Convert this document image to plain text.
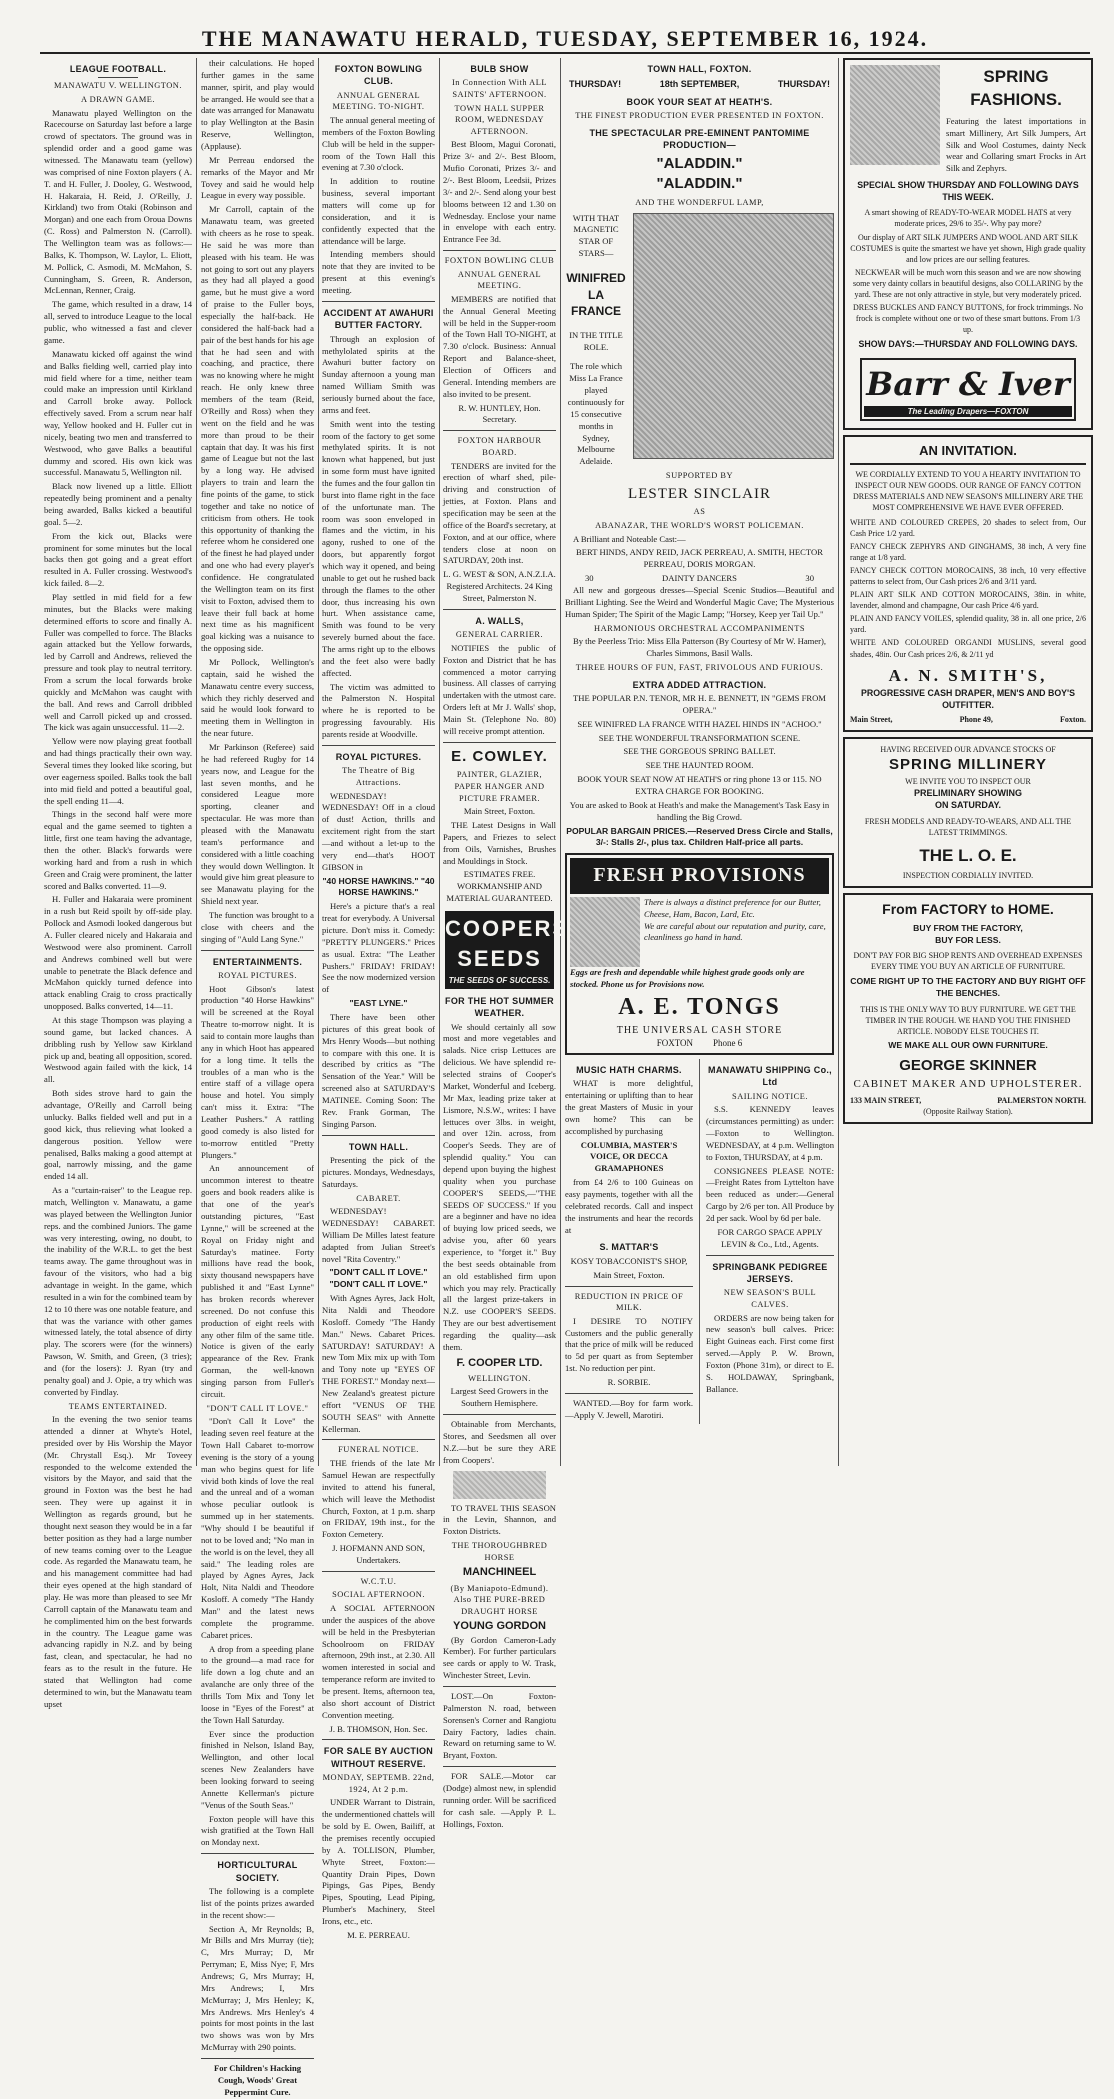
THE MANAWATU HERALD, TUESDAY, SEPTEMBER 16, 1924.
LEAGUE FOOTBALL.
MANAWATU V. WELLINGTON.
A DRAWN GAME.

Manawatu played Wellington on the Racecourse on Saturday last before a large crowd of spectators. The ground was in splendid order and a good game was witnessed. The Manawatu team (yellow) was comprised of nine Foxton players ( A. T. and H. Fuller, J. Dooley, G. Westwood, H. Hakaraia, H. Reid, J. O'Reilly, J. Kirkland) two from Otaki (Robinson and Morgan) and one each from Oroua Downs (C. Ross) and Palmerston N. (Carroll). The Wellington team was as follows:—Balks, K. Thompson, W. Laylor, L. Eliott, M. Pollick, C. Asmodi, M. McMahon, S. Cunningham, S. Green, R. Anderson, McLennan, Renner, Craig.

The game, which resulted in a draw, 14 all, served to introduce League to the local public, who witnessed a fast and clever game.

Manawatu kicked off against the wind and Balks fielding well, carried play into mid field where for a time, neither team could make an impression until Kirkland and Carroll broke away. Pollock effectively saved. From a scrum near half way, Yellow hooked and H. Fuller cut in nicely, beating two men and transferred to Westwood, who gave Balks a beautiful dummy and scored. His own kick was successful. Manawatu 5, Wellington nil.

Black now livened up a little. Elliott repeatedly being prominent and a penalty being awarded, Balks kicked a beautiful goal. 5—2.

From the kick out, Blacks were prominent for some minutes but the local backs then got going and a great effort resulted in A. Fuller crossing. Westwood's kick failed. 8—2.

Play settled in mid field for a few minutes, but the Blacks were making determined efforts to score and finally A. Fuller was compelled to force. The Blacks again attacked but the Yellow forwards, led by Carroll and Andrews, relieved the pressure and took play to neutral territory. From a scrum the local forwards broke quickly and McMahon was caught with the ball. And rews and Carroll dribbled well and Carroll picked up and crossed. The kick was again unsuccessful. 11—2.

Yellow were now playing great football and had things practically their own way. Several times they looked like scoring, but over eagerness spoiled. Balks took the ball into mid field and potted a beautiful goal, the spell ending 11—4.

Things in the second half were more equal and the game seemed to tighten a little, first one team having the advantage, then the other. Black's forwards were working hard and from a rush in which Green and Craig were prominent, the latter scored and Balks converted. 11—9.

H. Fuller and Hakaraia were prominent in a rush but Reid spoilt by off-side play. Pollock and Asmodi looked dangerous but A. Fuller cleared nicely and Hakaraia and Westwood were also prominent. Carroll and Andrews combined well but were unable to penetrate the Black defence and McMahon quickly turned defence into attack enabling Craig to cross practically unopposed. Balks converted, 14—11.

At this stage Thompson was playing a sound game, but lacked chances. A dribbling rush by Yellow saw Kirkland pick up and, beating all opposition, scored. Westwood again failed with the kick, 14 all.

Both sides strove hard to gain the advantage, O'Reilly and Carroll being unlucky. Balks fielded well and put in a good kick, thus relieving what looked a dangerous position. Yellow were penalised, Balks making a good attempt at goal, narrowly missing, and the game ended 14 all.

As a "curtain-raiser" to the League rep. match, Wellington v. Manawatu, a game was played between the Wellington Junior reps. and the combined Juniors. The game was very interesting, owing, no doubt, to the inability of the W.R.L. to get the best teams away. The game throughout was in favour of the visitors, who had a big advantage in weight. In the game, which resulted in a win for the combined team by 12 to 10 there was one notable feature, and that was the variance with other games witnessed lately, the total absence of dirty play. The scorers were (for the winners) Pawson, W. Smith, and Green, (3 tries); and (for the losers): J. Ryan (try and penalty goal) and J. Opie, a try which was converted by Findlay.

TEAMS ENTERTAINED.

In the evening the two senior teams attended a dinner at Whyte's Hotel, presided over by His Worship the Mayor (Mr. Chrystall Esq.). Mr Toveey responded to the welcome extended the visitors by the Mayor, and said that the ground in Foxton was the best he had seen. They were up against it in Wellington as regards ground, but he thought next season they would be in a far better position as they had a large number of new teams coming over to the League code. As regarded the Manawatu team, he and his management committee had had their eyes opened at the high standard of play. He was more than pleased to see Mr Carroll captain of the Manawatu team and he complimented him on the best forwards in the country. The League game was advancing rapidly in N.Z. and by being fast, clean, and spectacular, he had no fears as to the result in the future. He stated that Wellington had come determined to win, but the Manawatu team upset

their calculations. He hoped further games in the same manner, spirit, and play would be arranged. He would see that a date was arranged for Manawatu to play Wellington at the Basin Reserve, Wellington, (Applause).

Mr Perreau endorsed the remarks of the Mayor and Mr Tovey and said he would help League in every way possible.

Mr Carroll, captain of the Manawatu team, was greeted with cheers as he rose to speak. He said he was more than pleased with his team. He was not going to sort out any players as they had all played a good game, but he must give a word of praise to the Fuller boys, especially the half-back. He considered the half-back had a pair of the best hands for his age that he had seen and with coaching, and practice, there was no knowing where he might reach. He only knew three members of the team (Reid, O'Reilly and Ross) when they went on the field and he was more than proud to be their captain that day. It was his first game of League but not the last by a long way. He advised players to train and learn the fine points of the game, to stick together and take no notice of criticism from others. He took this opportunity of thanking the referee whom he considered one of the finest he had played under and one who had every player's confidence. He congratulated the Wellington team on its first visit to Foxton, advised them to leave their full back at home next time as his magnificent goal kicking was a nuisance to the opposing side.

Mr Pollock, Wellington's captain, said he wished the Manawatu centre every success, which they richly deserved and said he would look forward to meeting them in Wellington in the near future.

Mr Parkinson (Referee) said he had refereed Rugby for 14 years now, and League for the last seven months, and he considered League more sporting, cleaner and spectacular. He was more than pleased with the Manawatu team's performance and considered with a little coaching they would down Wellington. It would give him great pleasure to see Manawatu playing for the Shield next year.

The function was brought to a close with cheers and the singing of "Auld Lang Syne."

ENTERTAINMENTS.
ROYAL PICTURES.

Hoot Gibson's latest production "40 Horse Hawkins" will be screened at the Royal Theatre to-morrow night. It is said to contain more laughs than any in which Hoot has appeared for a long time. It tells the troubles of a man who is the entire staff of a village opera house and hotel. You simply can't miss it. Extra: "The Leather Pushers." A rattling good comedy is also listed for to-morrow entitled "Pretty Plungers."

An announcement of uncommon interest to theatre goers and book readers alike is that one of the year's outstanding pictures, "East Lynne," will be screened at the Royal on Friday night and Saturday's matinee. Forty millions have read the book, sixty thousand newspapers have published it and "East Lynne" has broken records wherever screened. Do not confuse this production of eight reels with any other film of the same title. Notice is given of the early appearance of the Rev. Frank Gorman, the well-known singing parson from Fuller's circuit.

"DON'T CALL IT LOVE."

"Don't Call It Love" the leading seven reel feature at the Town Hall Cabaret to-morrow evening is the story of a young man who begins quest for life vivid both kinds of love the real and the unreal and of a woman whose peculiar outlook is summed up in her statements. "Why should I be beautiful if not to be loved and; "No man in the world is on the level, they all said." The leading roles are played by Agnes Ayres, Jack Holt, Nita Naldi and Theodore Kosloff. A comedy "The Handy Man" and the latest news complete the programme. Cabaret prices.

A drop from a speeding plane to the ground—a mad race for life down a log chute and an avalanche are only three of the thrills Tom Mix and Tony let loose in "Eyes of the Forest" at the Town Hall Saturday.

Ever since the production finished in Nelson, Island Bay, Wellington, and other local scenes New Zealanders have been looking forward to seeing Annette Kellerman's picture "Venus of the South Seas."

Foxton people will have this wish gratified at the Town Hall on Monday next.

HORTICULTURAL SOCIETY.

The following is a complete list of the points prizes awarded in the recent show:—

Section A, Mr Reynolds; B, Mr Bills and Mrs Murray (tie); C, Mrs Murray; D, Mr Perryman; E, Miss Nye; F, Mrs Andrews; G, Mrs Murray; H, Mrs Andrews; I, Mrs McMurray; J, Mrs Henley; K, Mrs Andrews. Mrs Henley's 4 points for most points in the last two shows was won by Mrs McMurray with 290 points.

For Children's Hacking Cough, Woods' Great Peppermint Cure.

FOXTON BOWLING CLUB.
ANNUAL GENERAL MEETING. TO-NIGHT.

The annual general meeting of members of the Foxton Bowling Club will be held in the supper-room of the Town Hall this evening at 7.30 o'clock.

In addition to routine business, several important matters will come up for consideration, and it is confidently expected that the attendance will be large.

Intending members should note that they are invited to be present at this evening's meeting.

ACCIDENT AT AWAHURI BUTTER FACTORY.

Through an explosion of methylolated spirits at the Awahuri butter factory on Sunday afternoon a young man named William Smith was seriously burned about the face, arms and feet.

Smith went into the testing room of the factory to get some methylated spirits. It is not known what happened, but just in some form must have ignited the fumes and the four gallon tin burst into flame right in the face of the unfortunate man. The room was soon enveloped in flames and the victim, in his agony, rushed to one of the doors, but apparently forgot which way it opened, and being unable to get out he rushed back through the flames to the other door, thus increasing his own hurt. When assistance came, Smith was found to be very severely burned about the face. The arms right up to the elbows and the feet also were badly affected.

The victim was admitted to the Palmerston N. Hospital where he is reported to be progressing favourably. His parents reside at Woodville.

ROYAL PICTURES.
The Theatre of Big Attractions.

WEDNESDAY! WEDNESDAY! Off in a cloud of dust! Action, thrills and excitement right from the start—and without a let-up to the very end—that's HOOT GIBSON in

"40 HORSE HAWKINS." "40 HORSE HAWKINS."

Here's a picture that's a real treat for everybody. A Universal picture. Don't miss it. Comedy: "PRETTY PLUNGERS." Prices as usual. Extra: "The Leather Pushers." FRIDAY! FRIDAY! See the now modernized version of

"EAST LYNE."

There have been other pictures of this great book of Mrs Henry Woods—but nothing to compare with this one. It is described by critics as "The Sensation of the Year." Will be screened also at SATURDAY'S MATINEE. Coming Soon: The Rev. Frank Gorman, The Singing Parson.

TOWN HALL.

Presenting the pick of the pictures. Mondays, Wednesdays, Saturdays.

CABARET.

WEDNESDAY! WEDNESDAY! CABARET. William De Milles latest feature adapted from Julian Street's novel "Rita Coventry."

"DON'T CALL IT LOVE." "DON'T CALL IT LOVE."

With Agnes Ayres, Jack Holt, Nita Naldi and Theodore Kosloff. Comedy "The Handy Man." News. Cabaret Prices. SATURDAY! SATURDAY! A new Tom Mix mix up with Tom and Tony note up "EYES OF THE FOREST." Monday next—New Zealand's greatest picture effort "VENUS OF THE SOUTH SEAS" with Annette Kellerman.

FUNERAL NOTICE.

THE friends of the late Mr Samuel Hewan are respectfully invited to attend his funeral, which will leave the Methodist Church, Foxton, at 1 p.m. sharp on FRIDAY, 19th inst., for the Foxton Cemetery.

J. HOFMANN AND SON, Undertakers.

W.C.T.U.
SOCIAL AFTERNOON.

A SOCIAL AFTERNOON under the auspices of the above will be held in the Presbyterian Schoolroom on FRIDAY afternoon, 29th inst., at 2.30. All women interested in social and temperance reform are invited to be present. Items, afternoon tea, also short account of District Convention meeting.

J. B. THOMSON, Hon. Sec.

FOR SALE BY AUCTION WITHOUT RESERVE.
MONDAY, SEPTEMB. 22nd, 1924, At 2 p.m.

UNDER Warrant to Distrain, the undermentioned chattels will be sold by E. Owen, Bailiff, at the premises recently occupied by A. TOLLISON, Plumber, Whyte Street, Foxton:—Quantity Drain Pipes, Down Pipings, Gas Pipes, Bendy Pipes, Spouting, Lead Piping, Plumber's Machinery, Steel Irons, etc., etc.

M. E. PERREAU.

BULB SHOW
In Connection With ALL SAINTS' AFTERNOON.
TOWN HALL SUPPER ROOM, WEDNESDAY AFTERNOON.

Best Bloom, Magui Coronati, Prize 3/- and 2/-. Best Bloom, Mufio Coronati, Prizes 3/- and 2/-. Best Bloom, Leedsii, Prizes 3/- and 2/-. Send along your best blooms between 12 and 1.30 on Wednesday. Enclose your name in envelope with each entry. Entrance Fee 3d.

FOXTON BOWLING CLUB
ANNUAL GENERAL MEETING.

MEMBERS are notified that the Annual General Meeting will be held in the Supper-room of the Town Hall TO-NIGHT, at 7.30 o'clock. Business: Annual Report and Balance-sheet, Election of Officers and General. Intending members are also invited to be present.

R. W. HUNTLEY, Hon. Secretary.

FOXTON HARBOUR BOARD.

TENDERS are invited for the erection of wharf shed, pile-driving and construction of jetties, at Foxton. Plans and specification may be seen at the office of the Board's secretary, at Foxton, and at our office, where tenders close at noon on SATURDAY, 20th inst.

L. G. WEST & SON, A.N.Z.I.A. Registered Architects. 24 King Street, Palmerston N.

A. WALLS,
GENERAL CARRIER.

NOTIFIES the public of Foxton and District that he has commenced a motor carrying business. All classes of carrying undertaken with the utmost care. Orders left at Mr J. Walls' shop, Main St. (Telephone No. 80) will receive prompt attention.

E. COWLEY.
PAINTER, GLAZIER, PAPER HANGER AND PICTURE FRAMER.

Main Street, Foxton.

THE Latest Designs in Wall Papers, and Friezes to select from Oils, Varnishes, Brushes and Mouldings in Stock.

ESTIMATES FREE. WORKMANSHIP AND MATERIAL GUARANTEED.

COOPERS
SEEDS
THE SEEDS OF SUCCESS.
FOR THE HOT SUMMER WEATHER.

We should certainly all sow most and more vegetables and salads. Nice crisp Lettuces are delicious. We have splendid re-selected strains of Cooper's Market, Wonderful and Iceberg. Mr Max, leading prize taker at Lismore, N.S.W., writes: I have lettuces over 3lbs. in weight, and over 12in. across, from Cooper's Seeds. They are of splendid quality." You can depend upon buying the highest quality when you purchase COOPER'S SEEDS,—"THE SEEDS OF SUCCESS." If you are a beginner and have no idea of buying low priced seeds, we advise you, after 60 years experience, to "forget it." Buy the best seeds obtainable from an old established firm upon which you may rely. Practically all the largest prize-takers in N.Z. use COOPER'S SEEDS. They are our best advertisement regarding the quality—ask them.

F. COOPER LTD.
WELLINGTON.

Largest Seed Growers in the Southern Hemisphere.

Obtainable from Merchants, Stores, and Seedsmen all over N.Z.—but be sure they ARE from Coopers'.

TO TRAVEL THIS SEASON in the Levin, Shannon, and Foxton Districts.

THE THOROUGHBRED HORSE
MANCHINEEL
(By Maniapoto-Edmund). Also THE PURE-BRED DRAUGHT HORSE
YOUNG GORDON

(By Gordon Cameron-Lady Kember). For further particulars see cards or apply to W. Trask, Winchester Street, Levin.

LOST.—On Foxton-Palmerston N. road, between Sorensen's Corner and Rangiotu Dairy Factory, ladies chain. Reward on returning same to W. Bryant, Foxton.

FOR SALE.—Motor car (Dodge) almost new, in splendid running order. Will be sacrificed for cash sale. —Apply P. L. Hollings, Foxton.

TOWN HALL, FOXTON.
THURSDAY!	18th SEPTEMBER,	THURSDAY!
BOOK YOUR SEAT AT HEATH'S.
THE FINEST PRODUCTION EVER PRESENTED IN FOXTON.
THE SPECTACULAR PRE-EMINENT PANTOMIME PRODUCTION—
"ALADDIN."
"ALADDIN."
AND THE WONDERFUL LAMP,
WITH THAT MAGNETIC STAR OF STARS—
WINIFRED
LA
FRANCE
IN THE TITLE ROLE.
The role which Miss La France played continuously for 15 consecutive months in Sydney, Melbourne Adelaide.
SUPPORTED BY
LESTER SINCLAIR
AS
ABANAZAR, THE WORLD'S WORST POLICEMAN.

A Brilliant and Noteable Cast:—

BERT HINDS, ANDY REID, JACK PERREAU, A. SMITH, HECTOR PERREAU, DORIS MORGAN.

30	DAINTY DANCERS	30

All new and gorgeous dresses—Special Scenic Studios—Beautiful and Brilliant Lighting. See the Weird and Wonderful Magic Cave; The Mysterious Human Spider; The Spirit of the Magic Lamp; "Horsey, Keep yer Tail Up."

HARMONIOUS ORCHESTRAL ACCOMPANIMENTS

By the Peerless Trio: Miss Ella Patterson (By Courtesy of Mr W. Hamer), Charles Simmons, Basil Walls.

THREE HOURS OF FUN, FAST, FRIVOLOUS AND FURIOUS.
EXTRA ADDED ATTRACTION.

THE POPULAR P.N. TENOR, MR H. E. BENNETT, IN "GEMS FROM OPERA."

SEE WINIFRED LA FRANCE WITH HAZEL HINDS IN "ACHOO."

SEE THE WONDERFUL TRANSFORMATION SCENE.

SEE THE GORGEOUS SPRING BALLET.

SEE THE HAUNTED ROOM.

BOOK YOUR SEAT NOW AT HEATH'S or ring phone 13 or 115. NO EXTRA CHARGE FOR BOOKING.

You are asked to Book at Heath's and make the Management's Task Easy in handling the Big Crowd.

POPULAR BARGAIN PRICES.—Reserved Dress Circle and Stalls, 3/-: Stalls 2/-, plus tax. Children Half-price all parts.

FRESH PROVISIONS
There is always a distinct preference for our Butter, Cheese, Ham, Bacon, Lard, Etc.
We are careful about our reputation and purity, care, cleanliness go hand in hand.
Eggs are fresh and dependable while highest grade goods only are stocked. Phone us for Provisions now.
A. E. TONGS
THE UNIVERSAL CASH STORE
FOXTON Phone 6
MUSIC HATH CHARMS.

WHAT is more delightful, entertaining or uplifting than to hear the great Masters of Music in your own home? This can be accomplished by purchasing

COLUMBIA, MASTER'S VOICE, OR DECCA GRAMAPHONES

from £4 2/6 to 100 Guineas on easy payments, together with all the celebrated records. Call and inspect the instruments and hear the records at

S. MATTAR'S

KOSY TOBACCONIST'S SHOP,

Main Street, Foxton.

REDUCTION IN PRICE OF MILK.

I DESIRE TO NOTIFY Customers and the public generally that the price of milk will be reduced to 5d per quart as from September 1st. No reduction per pint.

R. SORBIE.

WANTED.—Boy for farm work. —Apply V. Jewell, Marotiri.

MANAWATU SHIPPING Co., Ltd
SAILING NOTICE.

S.S. KENNEDY leaves (circumstances permitting) as under:—Foxton to Wellington. WEDNESDAY, at 4 p.m. Wellington to Foxton, THURSDAY, at 4 p.m.

CONSIGNEES PLEASE NOTE:—Freight Rates from Lyttelton have been reduced as under:—General Cargo by 2/6 per ton. All Produce by 2d per sack. Wool by 6d per bale.

FOR CARGO SPACE APPLY LEVIN & Co., Ltd., Agents.

SPRINGBANK PEDIGREE JERSEYS.
NEW SEASON'S BULL CALVES.

ORDERS are now being taken for new season's bull calves. Price: Eight Guineas each. First come first served.—Apply P. W. Brown, Foxton (Phone 31m), or direct to E. S. HOLDAWAY, Springbank, Ballance.

SPRING
FASHIONS.
Featuring the latest importations in smart Millinery, Art Silk Jumpers, Art Silk and Wool Costumes, dainty Neck wear and Collaring smart Frocks in Art Silk and Zephyrs.
SPECIAL SHOW THURSDAY AND FOLLOWING DAYS THIS WEEK.

A smart showing of READY-TO-WEAR MODEL HATS at very moderate prices, 29/6 to 35/-. Why pay more?

Our display of ART SILK JUMPERS AND WOOL AND ART SILK COSTUMES is quite the smartest we have yet shown, High grade quality and low prices are our selling features.

NECKWEAR will be much worn this season and we are now showing some very dainty collars in beautiful designs, also COLLARING by the yard. These are not only attractive in style, but very moderately priced.

DRESS BUCKLES AND FANCY BUTTONS, for frock trimmings. No frock is complete without one or two of these smart buttons. From 1/3 up.

SHOW DAYS:—THURSDAY AND FOLLOWING DAYS.
Barr & Iver
The Leading Drapers—FOXTON
AN INVITATION.

WE CORDIALLY EXTEND TO YOU A HEARTY INVITATION TO INSPECT OUR NEW GOODS. OUR RANGE OF FANCY COTTON DRESS MATERIALS AND NEW SEASON'S MILLINERY ARE THE MOST COMPREHENSIVE WE HAVE EVER OFFERED.

WHITE AND COLOURED CREPES, 20 shades to select from, Our Cash Price 1/2 yard.

FANCY CHECK ZEPHYRS AND GINGHAMS, 38 inch, A very fine range at 1/8 yard.

FANCY CHECK COTTON MOROCAINS, 38 inch, 10 very effective patterns to select from, Our Cash prices 2/6 and 3/11 yard.

PLAIN ART SILK AND COTTON MOROCAINS, 38in. in white, lavender, almond and champagne, Our cash Price 4/6 yard.

PLAIN AND FANCY VOILES, splendid quality, 38 in. all one price, 2/6 yard.

WHITE AND COLOURED ORGANDI MUSLINS, several good shades, 48in. Our Cash prices 2/6, & 2/11 yd

A. N. SMITH'S,
PROGRESSIVE CASH DRAPER, MEN'S AND BOY'S OUTFITTER.
Main Street,	Phone 49,	Foxton.
HAVING RECEIVED OUR ADVANCE STOCKS OF
SPRING MILLINERY
WE INVITE YOU TO INSPECT OUR
PRELIMINARY SHOWING
ON SATURDAY.
FRESH MODELS AND READY-TO-WEARS, AND ALL THE LATEST TRIMMINGS.
THE L. O. E.
INSPECTION CORDIALLY INVITED.
From FACTORY to HOME.
BUY FROM THE FACTORY,
BUY FOR LESS.
DON'T PAY FOR BIG SHOP RENTS AND OVERHEAD EXPENSES EVERY TIME YOU BUY AN ARTICLE OF FURNITURE.
COME RIGHT UP TO THE FACTORY AND BUY RIGHT OFF THE BENCHES.
THIS IS THE ONLY WAY TO BUY FURNITURE. WE GET THE TIMBER IN THE ROUGH. WE HAND YOU THE FINISHED ARTICLE. NOBODY ELSE TOUCHES IT.
WE MAKE ALL OUR OWN FURNITURE.
GEORGE SKINNER
CABINET MAKER AND UPHOLSTERER.
133 MAIN STREET,	PALMERSTON NORTH.
(Opposite Railway Station).
